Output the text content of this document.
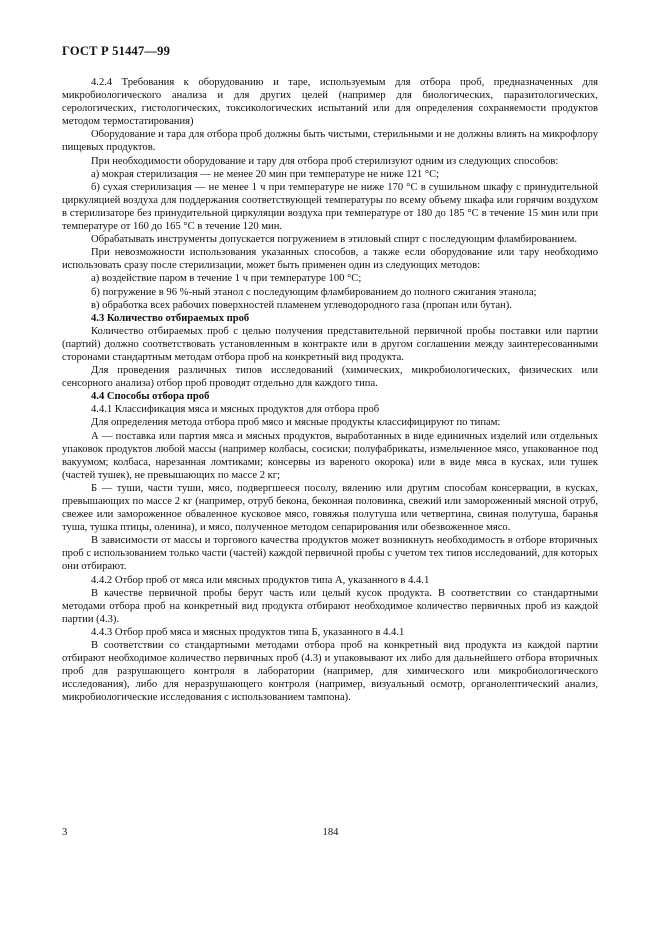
ГОСТ Р 51447—99

4.2.4 Требования к оборудованию и таре, используемым для отбора проб, предназначенных для микробиологического анализа и для других целей (например для биологических, паразитологических, серологических, гистологических, токсикологических испытаний или для определения сохраняемости продуктов методом термостатирования)

Оборудование и тара для отбора проб должны быть чистыми, стерильными и не должны влиять на микрофлору пищевых продуктов.

При необходимости оборудование и тару для отбора проб стерилизуют одним из следующих способов:

а) мокрая стерилизация — не менее 20 мин при температуре не ниже 121 °С;

б) сухая стерилизация — не менее 1 ч при температуре не ниже 170 °С в сушильном шкафу с принудительной циркуляцией воздуха для поддержания соответствующей температуры по всему объему шкафа или горячим воздухом в стерилизаторе без принудительной циркуляции воздуха при температуре от 180 до 185 °С в течение 15 мин или при температуре от 160 до 165 °С в течение 120 мин.

Обрабатывать инструменты допускается погружением в этиловый спирт с последующим фламбированием.

При невозможности использования указанных способов, а также если оборудование или тару необходимо использовать сразу после стерилизации, может быть применен один из следующих методов:

а) воздействие паром в течение 1 ч при температуре 100 °С;

б) погружение в 96 %-ный этанол с последующим фламбированием до полного сжигания этанола;

в) обработка всех рабочих поверхностей пламенем углеводородного газа (пропан или бутан).

4.3 Количество отбираемых проб

Количество отбираемых проб с целью получения представительной первичной пробы поставки или партии (партий) должно соответствовать установленным в контракте или в другом соглашении между заинтересованными сторонами стандартным методам отбора проб на конкретный вид продукта.

Для проведения различных типов исследований (химических, микробиологических, физических или сенсорного анализа) отбор проб проводят отдельно для каждого типа.

4.4 Способы отбора проб

4.4.1 Классификация мяса и мясных продуктов для отбора проб

Для определения метода отбора проб мясо и мясные продукты классифицируют по типам:

А — поставка или партия мяса и мясных продуктов, выработанных в виде единичных изделий или отдельных упаковок продуктов любой массы (например колбасы, сосиски; полуфабрикаты, измельченное мясо, упакованное под вакуумом; колбаса, нарезанная ломтиками; консервы из вареного окорока) или в виде мяса в кусках, или тушек (частей тушек), не превышающих по массе 2 кг;

Б — туши, части туши, мясо, подвергшееся посолу, вялению или другим способам консервации, в кусках, превышающих по массе 2 кг (например, отруб бекона, беконная половинка, свежий или замороженный мясной отруб, свежее или замороженное обваленное кусковое мясо, говяжья полутуша или четвертина, свиная полутуша, баранья туша, тушка птицы, оленина), и мясо, полученное методом сепарирования или обезвоженное мясо.

В зависимости от массы и торгового качества продуктов может возникнуть необходимость в отборе вторичных проб с использованием только части (частей) каждой первичной пробы с учетом тех типов исследований, для которых они отбирают.

4.4.2 Отбор проб от мяса или мясных продуктов типа А, указанного в 4.4.1

В качестве первичной пробы берут часть или целый кусок продукта. В соответствии со стандартными методами отбора проб на конкретный вид продукта отбирают необходимое количество первичных проб из каждой партии (4.3).

4.4.3 Отбор проб мяса и мясных продуктов типа Б, указанного в 4.4.1

В соответствии со стандартными методами отбора проб на конкретный вид продукта из каждой партии отбирают необходимое количество первичных проб (4.3) и упаковывают их либо для дальнейшего отбора вторичных проб для разрушающего контроля в лаборатории (например, для химического или микробиологического исследования), либо для неразрушающего контроля (например, визуальный осмотр, органолептический анализ, микробиологические исследования с использованием тампона).

3	184
